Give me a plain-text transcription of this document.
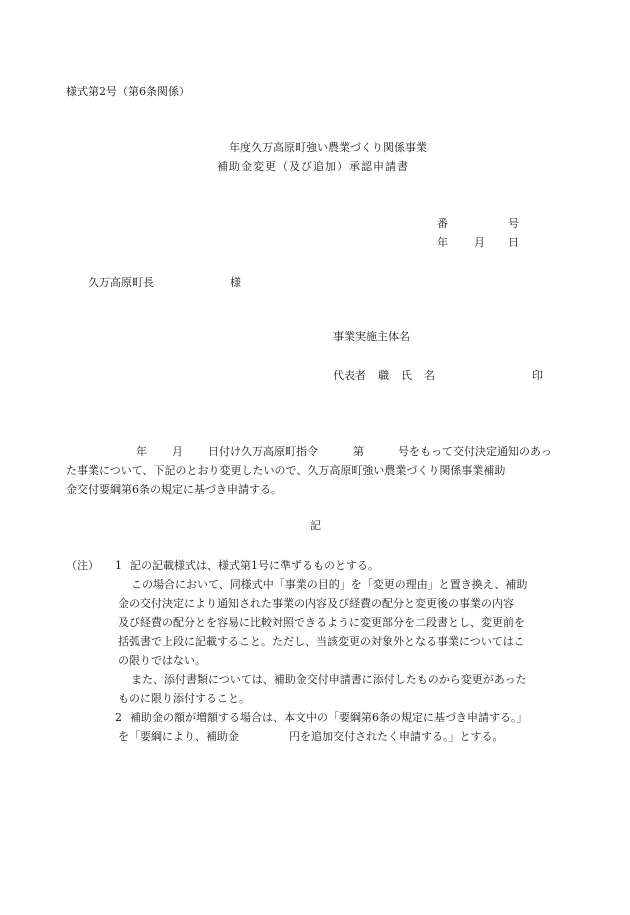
様式第2号（第6条関係）
年度久万高原町強い農業づくり関係事業
補助金変更（及び追加）承認申請書
番	号
年 月 日
久万高原町長	様
事業実施主体名
代表者 職 氏 名	印
年 月 日付け久万高原町指令	第	号をもって交付決定通知のあっ
た事業について、下記のとおり変更したいので、久万高原町強い農業づくり関係事業補助
金交付要綱第6条の規定に基づき申請する。
記
（注） 1 記の記載様式は、様式第1号に準ずるものとする。
この場合において、同様式中「事業の目的」を「変更の理由」と置き換え、補助
金の交付決定により通知された事業の内容及び経費の配分と変更後の事業の内容
及び経費の配分とを容易に比較対照できるように変更部分を二段書とし、変更前を
括弧書で上段に記載すること。ただし、当該変更の対象外となる事業についてはこ
の限りではない。
また、添付書類については、補助金交付申請書に添付したものから変更があった
ものに限り添付すること。
2 補助金の額が増額する場合は、本文中の「要綱第6条の規定に基づき申請する。」
を「要綱により、補助金	円を追加交付されたく申請する。」とする。
